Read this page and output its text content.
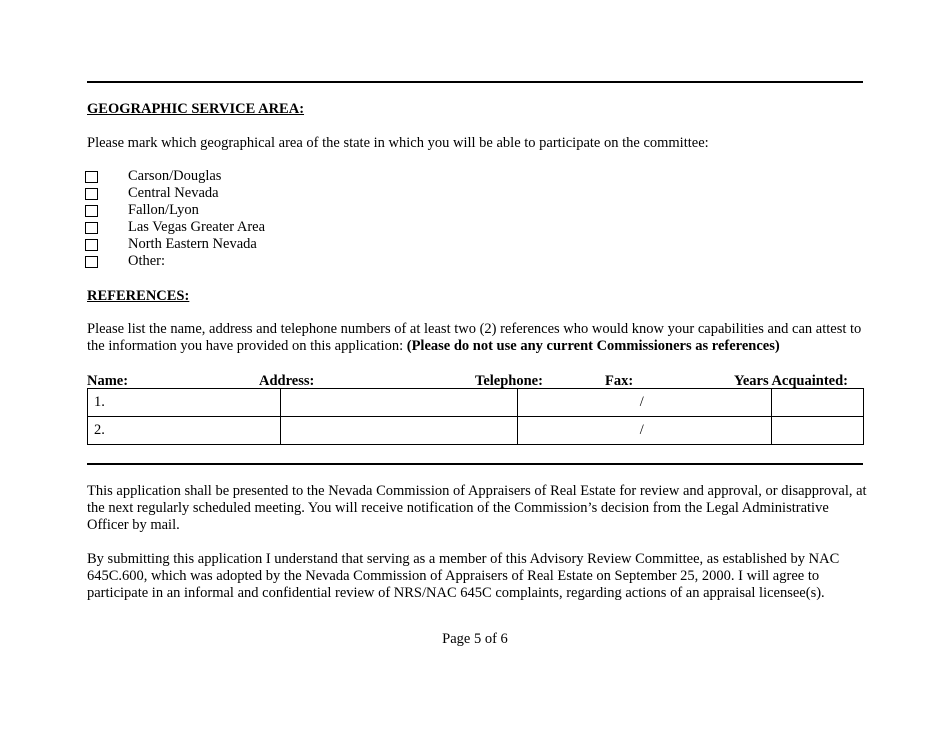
GEOGRAPHIC SERVICE AREA:
Please mark which geographical area of the state in which you will be able to participate on the committee:
Carson/Douglas
Central Nevada
Fallon/Lyon
Las Vegas Greater Area
North Eastern Nevada
Other:
REFERENCES:
Please list the name, address and telephone numbers of at least two (2) references who would know your capabilities and can attest to the information you have provided on this application: (Please do not use any current Commissioners as references)
Name:	Address:	Telephone:	Fax:	Years Acquainted:
1.		/	
2.		/	
This application shall be presented to the Nevada Commission of Appraisers of Real Estate for review and approval, or disapproval, at the next regularly scheduled meeting. You will receive notification of the Commission’s decision from the Legal Administrative Officer by mail.
By submitting this application I understand that serving as a member of this Advisory Review Committee, as established by NAC 645C.600, which was adopted by the Nevada Commission of Appraisers of Real Estate on September 25, 2000. I will agree to participate in an informal and confidential review of NRS/NAC 645C complaints, regarding actions of an appraisal licensee(s).
Page 5 of 6
